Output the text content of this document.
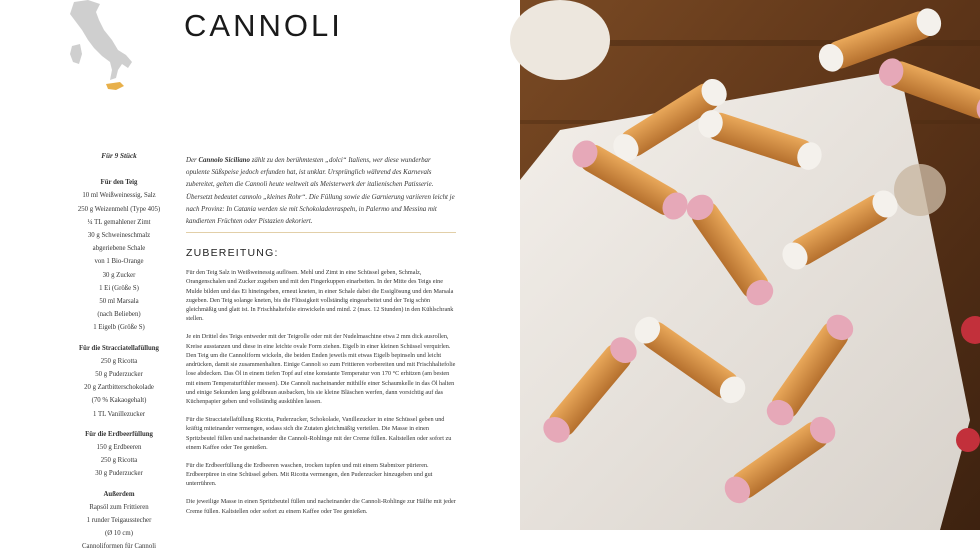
CANNOLI
Für 9 Stück
Für den Teig
10 ml Weißweinessig, Salz
250 g Weizenmehl (Type 405)
¼ TL gemahlener Zimt
30 g Schweineschmalz
abgeriebene Schale
von 1 Bio-Orange
30 g Zucker
1 Ei (Größe S)
50 ml Marsala
(nach Belieben)
1 Eigelb (Größe S)
Für die Stracciatellafüllung
250 g Ricotta
50 g Puderzucker
20 g Zartbitterschokolade
(70 % Kakaogehalt)
1 TL Vanillezucker
Für die Erdbeerfüllung
150 g Erdbeeren
250 g Ricotta
30 g Puderzucker
Außerdem
Rapsöl zum Frittieren
1 runder Teigausstecher
(Ø 10 cm)
Cannoliformen für Cannoli
Der Cannolo Siciliano zählt zu den berühmtesten „dolci“ Italiens, wer diese wunderbar opulente Süßspeise jedoch erfunden hat, ist unklar. Ursprünglich während des Karnevals zubereitet, gelten die Cannoli heute weltweit als Meisterwerk der italienischen Patisserie. Übersetzt bedeutet cannolo „kleines Rohr“. Die Füllung sowie die Garnierung variieren leicht je nach Provinz: In Catania werden sie mit Schokoladenraspeln, in Palermo und Messina mit kandierten Früchten oder Pistazien dekoriert.
ZUBEREITUNG:

Für den Teig Salz in Weißweinessig auflösen. Mehl und Zimt in eine Schüssel geben, Schmalz, Orangenschalen und Zucker zugeben und mit den Fingerkuppen einarbeiten. In der Mitte des Teigs eine Mulde bilden und das Ei hineingeben, erneut kneten, in einer Schale dabei die Essiglösung und den Marsala zugeben. Den Teig solange kneten, bis die Flüssigkeit vollständig eingearbeitet und der Teig schön gleichmäßig und glatt ist. In Frischhaltefolie einwickeln und mind. 2 (max. 12 Stunden) in den Kühlschrank stellen.

Je ein Drittel des Teigs entweder mit der Teigrolle oder mit der Nudelmaschine etwa 2 mm dick ausrollen, Kreise ausstanzen und diese in eine leichte ovale Form ziehen. Eigelb in einer kleinen Schüssel verquirlen. Den Teig um die Cannoliform wickeln, die beiden Enden jeweils mit etwas Eigelb bepinseln und leicht andrücken, damit sie zusammenhalten. Einige Cannoli so zum Frittieren vorbereiten und mit Frischhaltefolie lose abdecken. Das Öl in einem tiefen Topf auf eine konstante Temperatur von 170 °C erhitzen (am besten mit einem Temperaturfühler messen). Die Cannoli nacheinander mithilfe einer Schaumkelle in das Öl halten und einige Sekunden lang goldbraun ausbacken, bis sie kleine Bläschen werfen, dann vorsichtig auf das Küchenpapier geben und vollständig auskühlen lassen.

Für die Stracciatellafüllung Ricotta, Puderzucker, Schokolade, Vanillezucker in eine Schüssel geben und kräftig miteinander vermengen, sodass sich die Zutaten gleichmäßig verteilen. Die Masse in einen Spritzbeutel füllen und nacheinander die Cannoli-Rohlinge mit der Creme füllen. Kaltstellen oder sofort zu einem Kaffee oder Tee genießen.

Für die Erdbeerfüllung die Erdbeeren waschen, trocken tupfen und mit einem Stabmixer pürieren. Erdbeerpüree in eine Schüssel geben. Mit Ricotta vermengen, den Puderzucker hinzugeben und gut unterrühren.

Die jeweilige Masse in einen Spritzbeutel füllen und nacheinander die Cannoli-Rohlinge zur Hälfte mit jeder Creme füllen. Kaltstellen oder sofort zu einem Kaffee oder Tee genießen.
